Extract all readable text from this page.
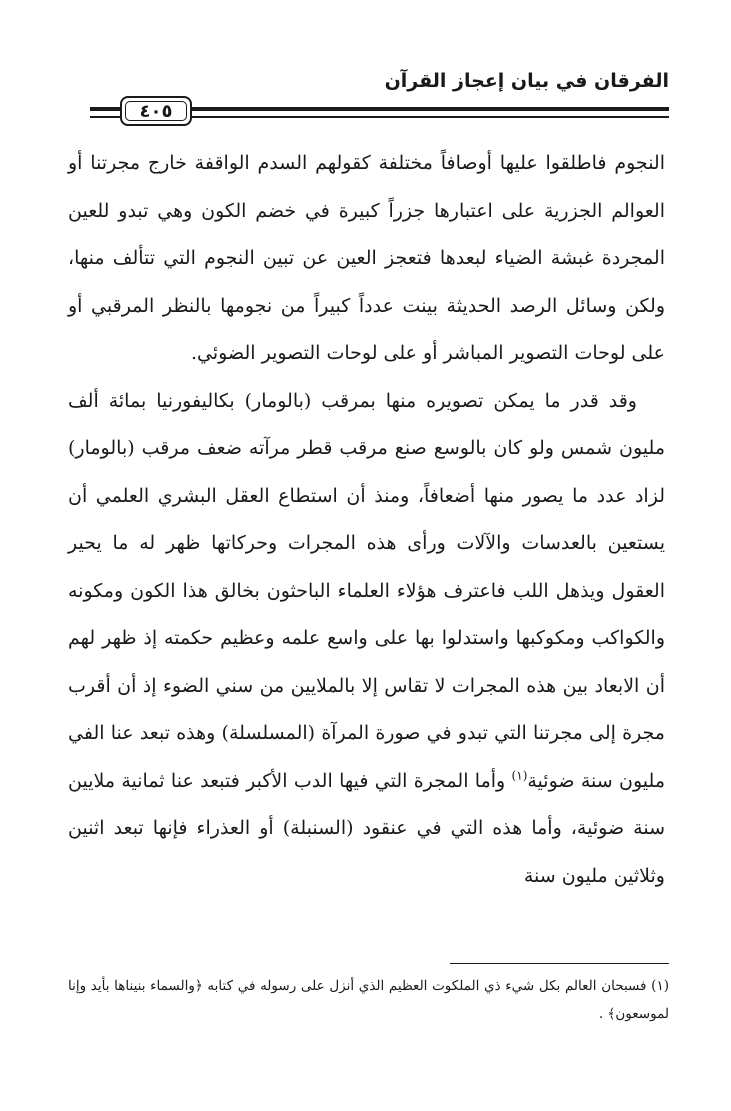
الفرقان في بيان إعجاز القرآن
٤٠٥

النجوم فاطلقوا عليها أوصافاً مختلفة كقولهم السدم الواقفة خارج مجرتنا أو العوالم الجزرية على اعتبارها جزراً كبيرة في خضم الكون وهي تبدو للعين المجردة غبشة الضياء لبعدها فتعجز العين عن تبين النجوم التي تتألف منها، ولكن وسائل الرصد الحديثة بينت عدداً كبيراً من نجومها بالنظر المرقبي أو على لوحات التصوير المباشر أو على لوحات التصوير الضوئي.

وقد قدر ما يمكن تصويره منها بمرقب (بالومار) بكاليفورنيا بمائة ألف مليون شمس ولو كان بالوسع صنع مرقب قطر مرآته ضعف مرقب (بالومار) لزاد عدد ما يصور منها أضعافاً، ومنذ أن استطاع العقل البشري العلمي أن يستعين بالعدسات والآلات ورأى هذه المجرات وحركاتها ظهر له ما يحير العقول ويذهل اللب فاعترف هؤلاء العلماء الباحثون بخالق هذا الكون ومكونه والكواكب ومكوكبها واستدلوا بها على واسع علمه وعظيم حكمته إذ ظهر لهم أن الابعاد بين هذه المجرات لا تقاس إلا بالملايين من سني الضوء إذ أن أقرب مجرة إلى مجرتنا التي تبدو في صورة المرآة (المسلسلة) وهذه تبعد عنا الفي مليون سنة ضوئية$^{(١)}$ وأما المجرة التي فيها الدب الأكبر فتبعد عنا ثمانية ملايين سنة ضوئية، وأما هذه التي في عنقود (السنبلة) أو العذراء فإنها تبعد اثنين وثلاثين مليون سنة

(١) فسبحان العالم بكل شيء ذي الملكوت العظيم الذي أنزل على رسوله في كتابه ﴿والسماء بنيناها بأيد وإنا لموسعون﴾ .
